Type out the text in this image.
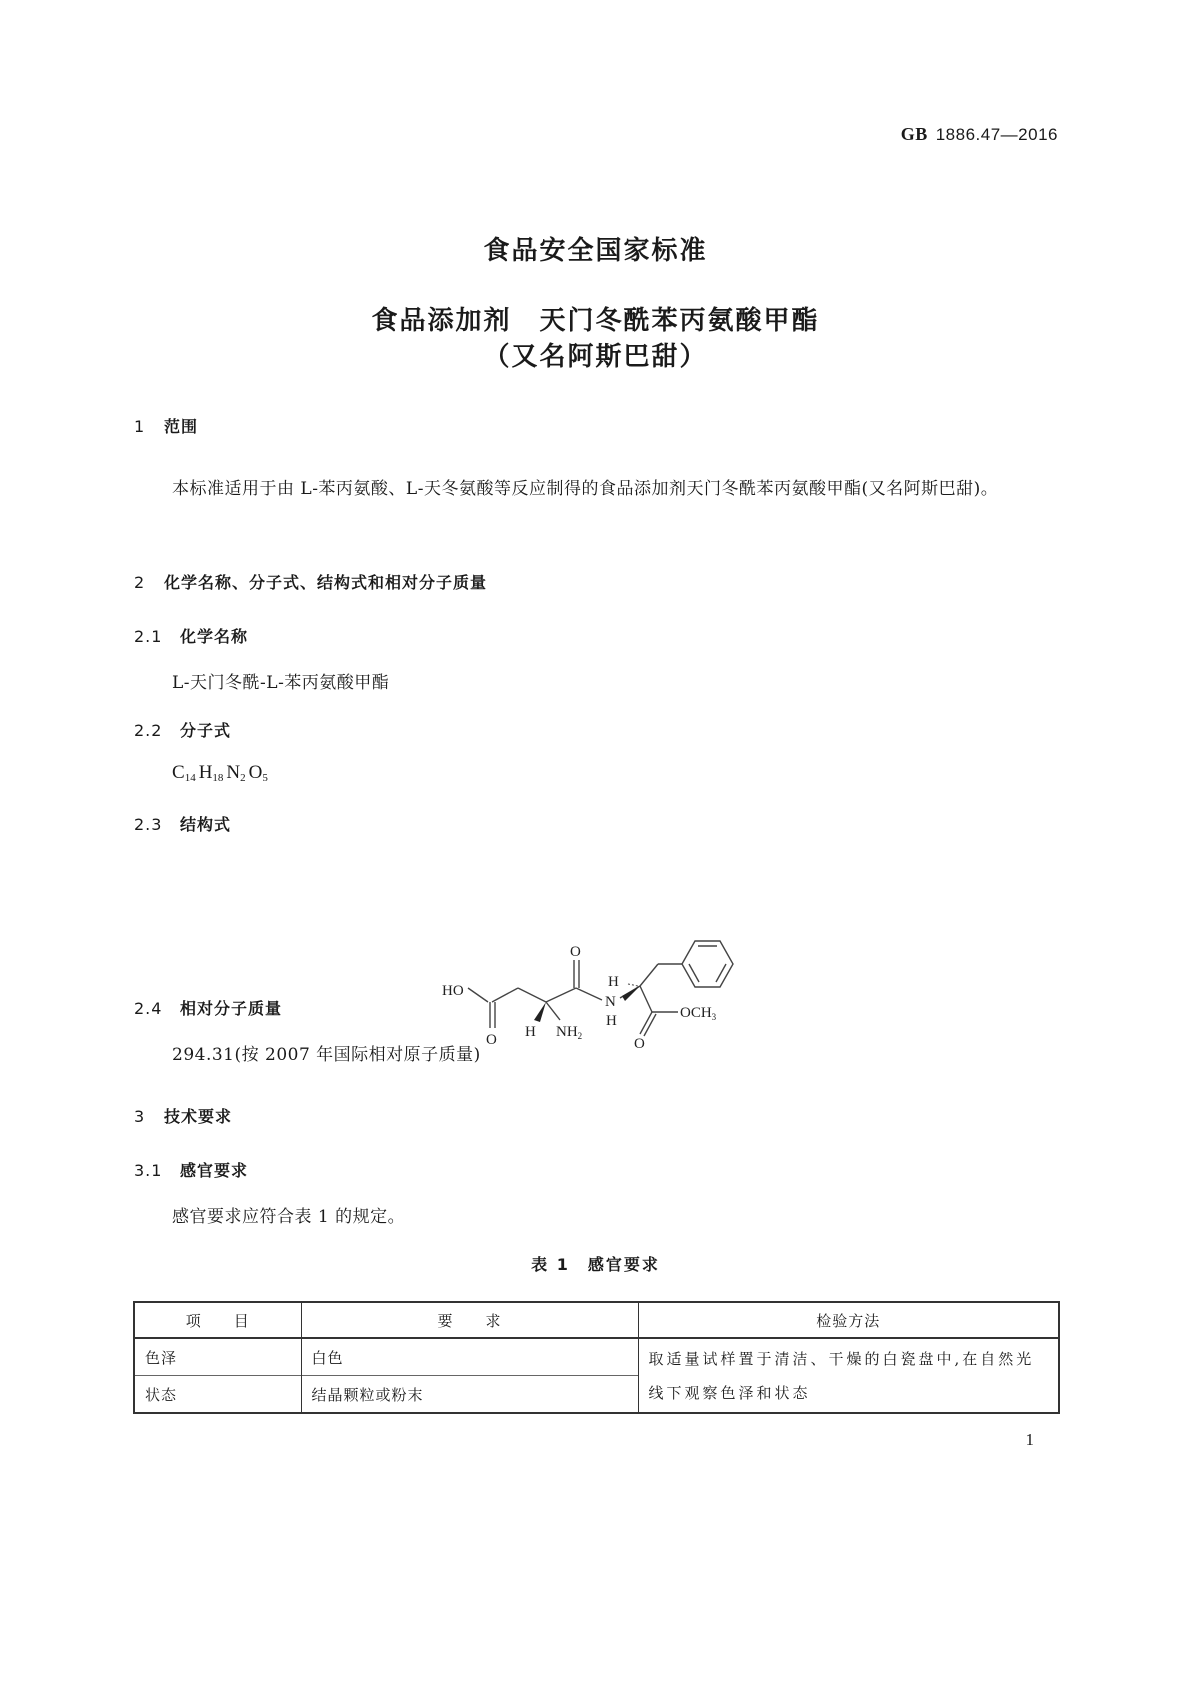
GB 1886.47—2016
食品安全国家标准
食品添加剂　天门冬酰苯丙氨酸甲酯
（又名阿斯巴甜）
1 范围
本标准适用于由 L-苯丙氨酸、L-天冬氨酸等反应制得的食品添加剂天门冬酰苯丙氨酸甲酯(又名阿斯巴甜)。
2 化学名称、分子式、结构式和相对分子质量
2.1 化学名称
L-天门冬酰-L-苯丙氨酸甲酯
2.2 分子式
$C_{14}$ $H_{18}$ $N_2$ $O_5$
2.3 结构式
HO
O
O
H $NH_2$
H
N
H
O
$OCH_3$
2.4 相对分子质量
294.31(按 2007 年国际相对原子质量)
3 技术要求
3.1 感官要求
感官要求应符合表 1 的规定。
表 1　感官要求
项　　目	要　　求	检验方法
色泽	白色	取适量试样置于清洁、干燥的白瓷盘中,在自然光线下观察色泽和状态
状态	结晶颗粒或粉末	
1
